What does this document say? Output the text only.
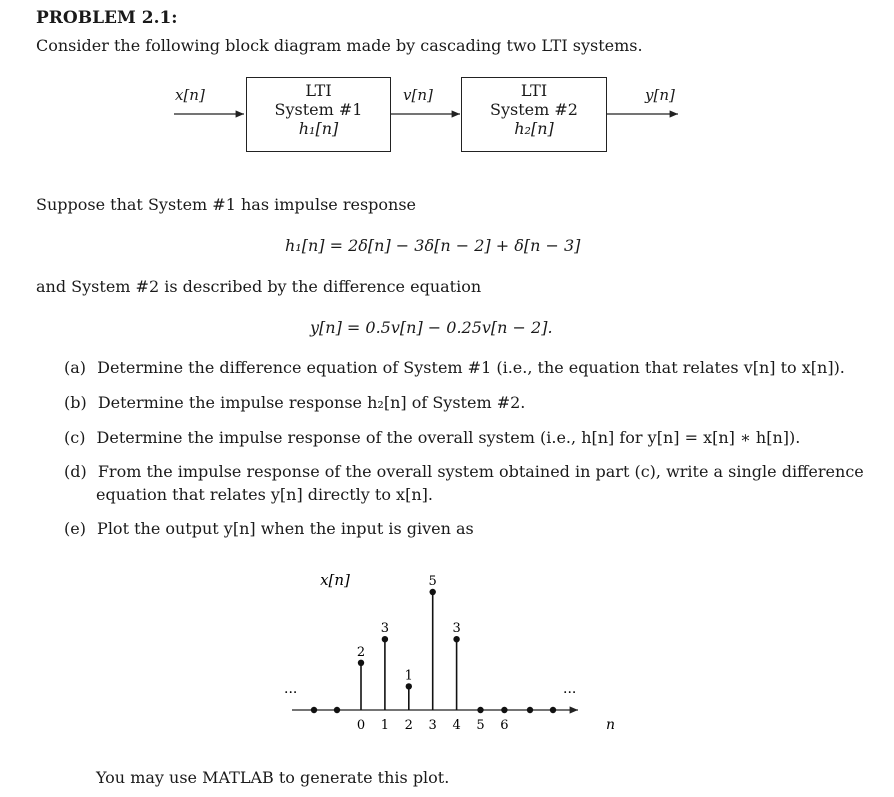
PROBLEM 2.1:
Consider the following block diagram made by cascading two LTI systems.
x[n]	v[n]	y[n]
LTI
System #1
h₁[n]
LTI
System #2
h₂[n]
Suppose that System #1 has impulse response
h₁[n] = 2δ[n] − 3δ[n − 2] + δ[n − 3]
and System #2 is described by the difference equation
y[n] = 0.5v[n] − 0.25v[n − 2].
(a) Determine the difference equation of System #1 (i.e., the equation that relates v[n] to x[n]).
(b) Determine the impulse response h₂[n] of System #2.
(c) Determine the impulse response of the overall system (i.e., h[n] for y[n] = x[n] ∗ h[n]).
(d) From the impulse response of the overall system obtained in part (c), write a single difference
equation that relates y[n] directly to x[n].
(e) Plot the output y[n] when the input is given as
x[n]
···	···
n
2
3
1
5
3
0 1 2 3 4 5 6
You may use MATLAB to generate this plot.
